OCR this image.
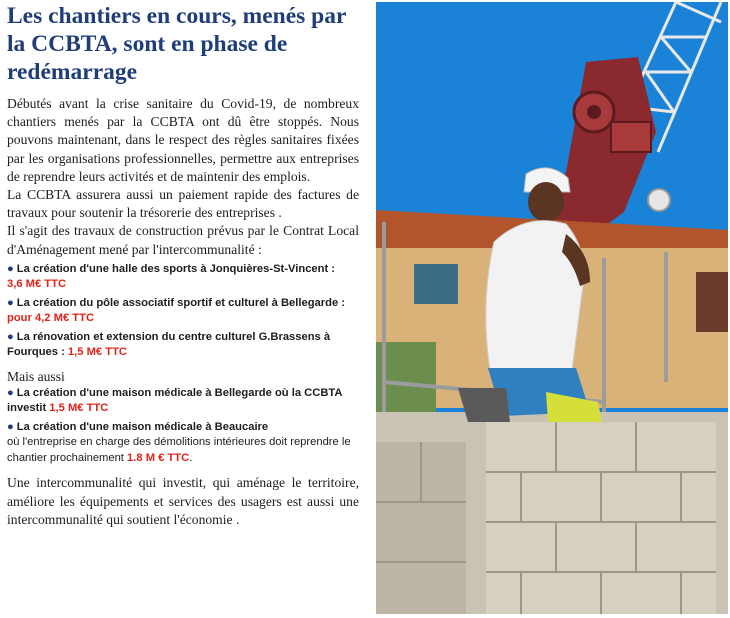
Les chantiers en cours, menés par la CCBTA, sont en phase de redémarrage

Débutés avant la crise sanitaire du Covid-19, de nombreux chantiers menés par la CCBTA ont dû être stoppés. Nous pouvons maintenant, dans le respect des règles sanitaires fixées par les organisations professionnelles, permettre aux entreprises de reprendre leurs activités et de maintenir des emplois.

La CCBTA assurera aussi un paiement rapide des factures de travaux pour soutenir la trésorerie des entreprises .

Il s'agit des travaux de construction prévus par le Contrat Local d'Aménagement mené par l'intercommunalité :

● La création d'une halle des sports à Jonquières-St-Vincent :
3,6 M€ TTC
● La création du pôle associatif sportif et culturel à Bellegarde :
pour 4,2 M€ TTC
● La rénovation et extension du centre culturel G.Brassens à Fourques : 1,5 M€ TTC
Mais aussi
● La création d'une maison médicale à Bellegarde où la CCBTA investit 1,5 M€ TTC
● La création d'une maison médicale à Beaucaire
où l'entreprise en charge des démolitions intérieures doit reprendre le chantier prochainement 1.8 M € TTC.

Une intercommunalité qui investit, qui aménage le territoire, améliore les équipements et services des usagers est aussi une intercommunalité qui soutient l'économie .
